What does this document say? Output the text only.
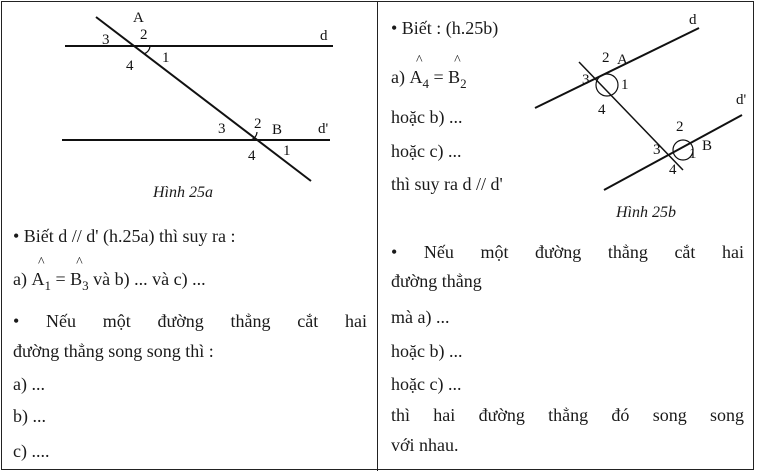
d
d'
A
1
2
3
4
B
1
2
3
4
Hình 25a
• Biết d // d' (h.25a) thì suy ra :
a)
^
$A_1$ =
^
$B_3$ và b) ... và c) ...
• Nếu một đường thẳng cắt hai
đường thẳng song song thì :
a) ...
b) ...
c) ....
• Biết : (h.25b)
a)
^
$A_4$ =
^
$B_2$
hoặc b) ...
hoặc c) ...
thì suy ra d // d'
d
d'
A
1
2
3
4
B
1
2
3
4
Hình 25b
• Nếu một đường thẳng cắt hai
đường thẳng
mà a) ...
hoặc b) ...
hoặc c) ...
thì hai đường thẳng đó song song
với nhau.
